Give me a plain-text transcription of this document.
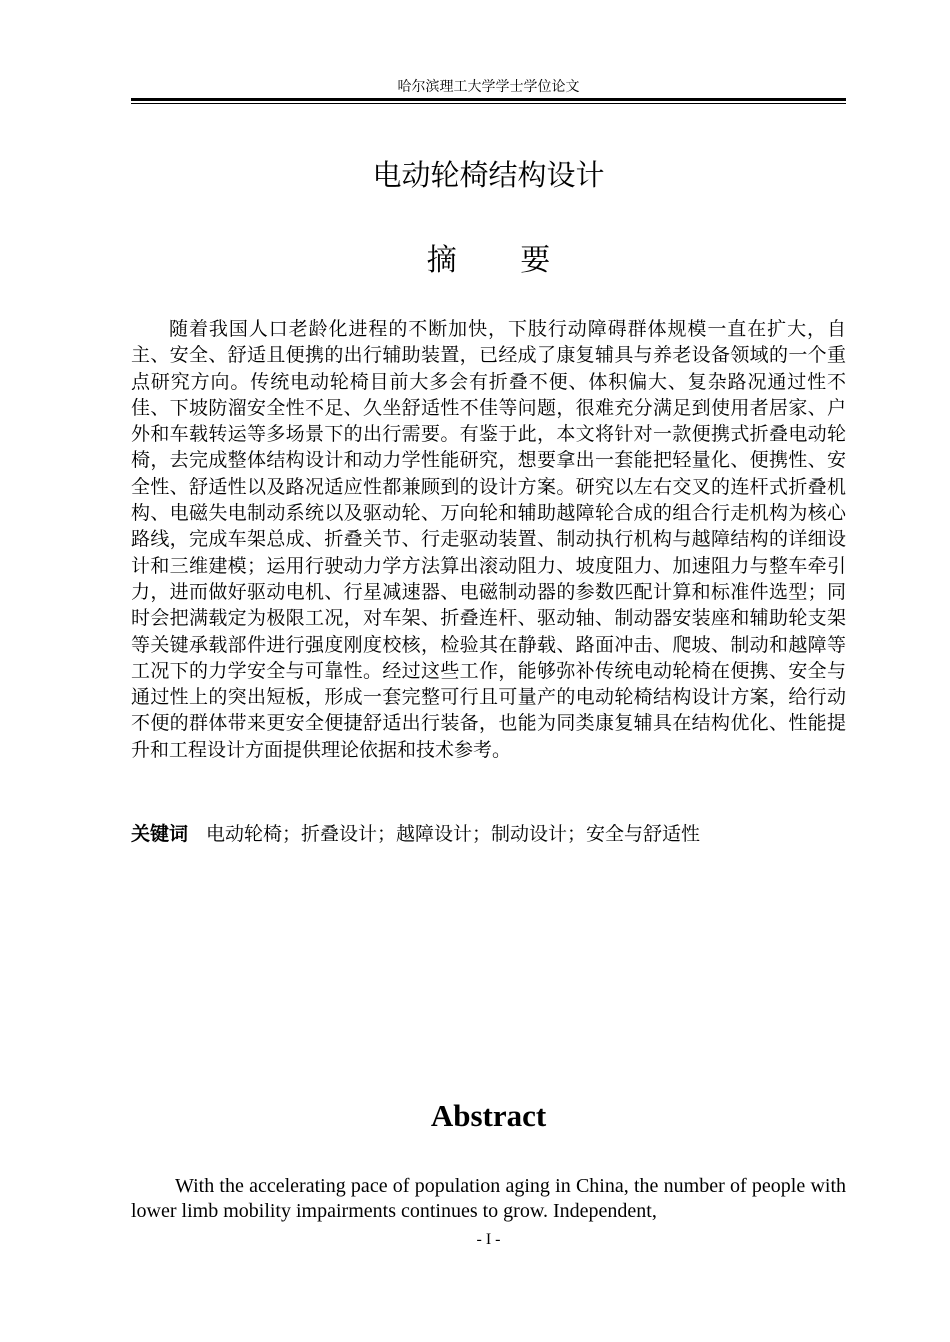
哈尔滨理工大学学士学位论文
电动轮椅结构设计
摘 要

随着我国人口老龄化进程的不断加快，下肢行动障碍群体规模一直在扩大，自主、安全、舒适且便携的出行辅助装置，已经成了康复辅具与养老设备领域的一个重点研究方向。传统电动轮椅目前大多会有折叠不便、体积偏大、复杂路况通过性不佳、下坡防溜安全性不足、久坐舒适性不佳等问题，很难充分满足到使用者居家、户外和车载转运等多场景下的出行需要。有鉴于此，本文将针对一款便携式折叠电动轮椅，去完成整体结构设计和动力学性能研究，想要拿出一套能把轻量化、便携性、安全性、舒适性以及路况适应性都兼顾到的设计方案。研究以左右交叉的连杆式折叠机构、电磁失电制动系统以及驱动轮、万向轮和辅助越障轮合成的组合行走机构为核心路线，完成车架总成、折叠关节、行走驱动装置、制动执行机构与越障结构的详细设计和三维建模；运用行驶动力学方法算出滚动阻力、坡度阻力、加速阻力与整车牵引力，进而做好驱动电机、行星减速器、电磁制动器的参数匹配计算和标准件选型；同时会把满载定为极限工况，对车架、折叠连杆、驱动轴、制动器安装座和辅助轮支架等关键承载部件进行强度刚度校核，检验其在静载、路面冲击、爬坡、制动和越障等工况下的力学安全与可靠性。经过这些工作，能够弥补传统电动轮椅在便携、安全与通过性上的突出短板，形成一套完整可行且可量产的电动轮椅结构设计方案，给行动不便的群体带来更安全便捷舒适出行装备，也能为同类康复辅具在结构优化、性能提升和工程设计方面提供理论依据和技术参考。

关键词 电动轮椅；折叠设计；越障设计；制动设计；安全与舒适性

Abstract

With the accelerating pace of population aging in China, the number of people with lower limb mobility impairments continues to grow. Independent,

- I -
